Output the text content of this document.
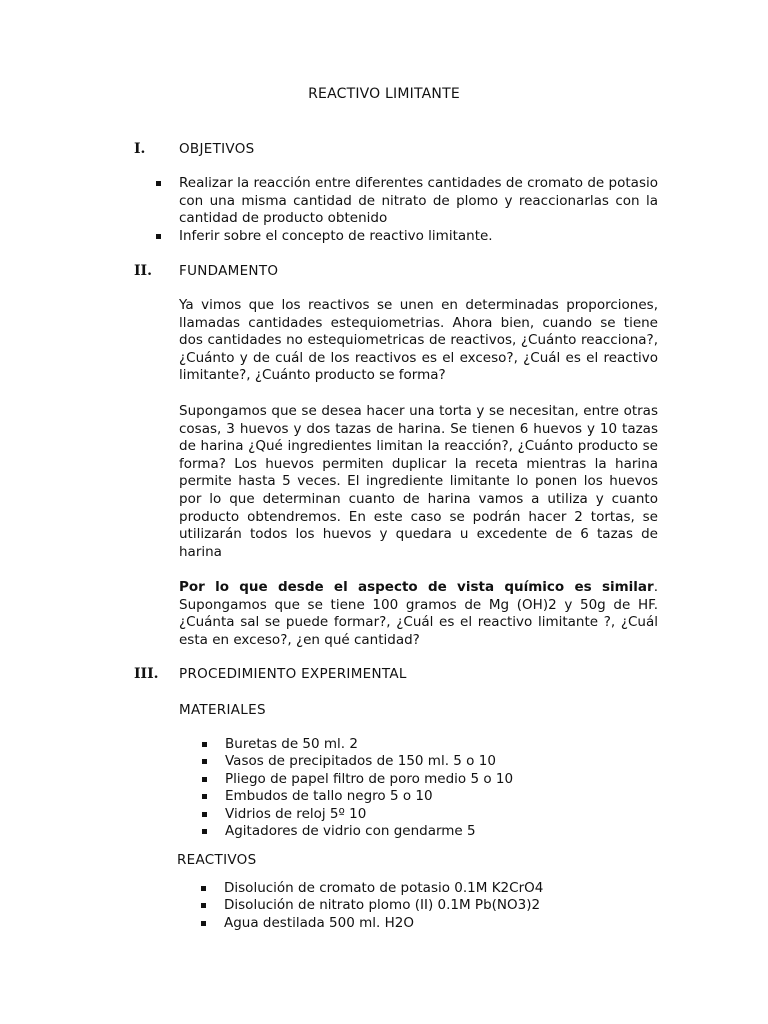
REACTIVO LIMITANTE
I. OBJETIVOS
Realizar la reacción entre diferentes cantidades de cromato de potasio con una misma cantidad de nitrato de plomo y reaccionarlas con la cantidad de producto obtenido
Inferir sobre el concepto de reactivo limitante.
II. FUNDAMENTO
Ya vimos que los reactivos se unen en determinadas proporciones, llamadas cantidades estequiometrias. Ahora bien, cuando se tiene dos cantidades no estequiometricas de reactivos, ¿Cuánto reacciona?, ¿Cuánto y de cuál de los reactivos es el exceso?, ¿Cuál es el reactivo limitante?, ¿Cuánto producto se forma?
Supongamos que se desea hacer una torta y se necesitan, entre otras cosas, 3 huevos y dos tazas de harina. Se tienen 6 huevos y 10 tazas de harina ¿Qué ingredientes limitan la reacción?, ¿Cuánto producto se forma? Los huevos permiten duplicar la receta mientras la harina permite hasta 5 veces. El ingrediente limitante lo ponen los huevos por lo que determinan cuanto de harina vamos a utiliza y cuanto producto obtendremos. En este caso se podrán hacer 2 tortas, se utilizarán todos los huevos y quedara u excedente de 6 tazas de harina
Por lo que desde el aspecto de vista químico es similar. Supongamos que se tiene 100 gramos de Mg (OH)2 y 50g de HF. ¿Cuánta sal se puede formar?, ¿Cuál es el reactivo limitante ?, ¿Cuál esta en exceso?, ¿en qué cantidad?
III. PROCEDIMIENTO EXPERIMENTAL
MATERIALES
Buretas de 50 ml. 2
Vasos de precipitados de 150 ml. 5 o 10
Pliego de papel filtro de poro medio 5 o 10
Embudos de tallo negro 5 o 10
Vidrios de reloj 5º 10
Agitadores de vidrio con gendarme 5
REACTIVOS
Disolución de cromato de potasio 0.1M K2CrO4
Disolución de nitrato plomo (II) 0.1M Pb(NO3)2
Agua destilada 500 ml. H2O
